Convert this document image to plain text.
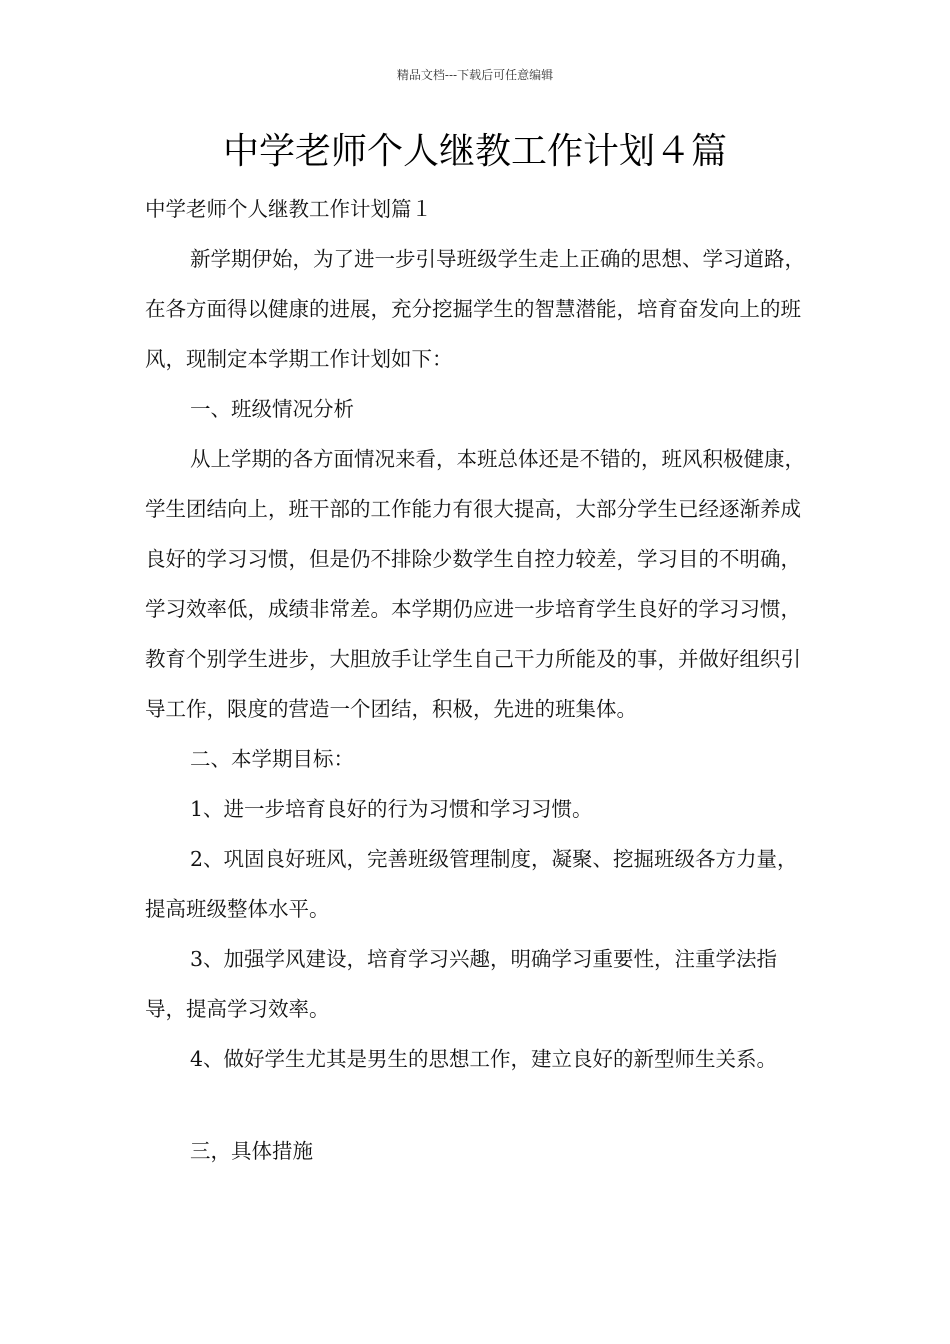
精品文档---下载后可任意编辑
中学老师个人继教工作计划４篇

中学老师个人继教工作计划篇１

新学期伊始，为了进一步引导班级学生走上正确的思想、学习道路，在各方面得以健康的进展，充分挖掘学生的智慧潜能，培育奋发向上的班风，现制定本学期工作计划如下：

一、班级情况分析

从上学期的各方面情况来看，本班总体还是不错的，班风积极健康，学生团结向上，班干部的工作能力有很大提高，大部分学生已经逐渐养成良好的学习习惯，但是仍不排除少数学生自控力较差，学习目的不明确，学习效率低，成绩非常差。本学期仍应进一步培育学生良好的学习习惯，教育个别学生进步，大胆放手让学生自己干力所能及的事，并做好组织引导工作，限度的营造一个团结，积极，先进的班集体。

二、本学期目标：

1、进一步培育良好的行为习惯和学习习惯。

2、巩固良好班风，完善班级管理制度，凝聚、挖掘班级各方力量，提高班级整体水平。

3、加强学风建设，培育学习兴趣，明确学习重要性，注重学法指导，提高学习效率。

4、做好学生尤其是男生的思想工作，建立良好的新型师生关系。

三，具体措施
